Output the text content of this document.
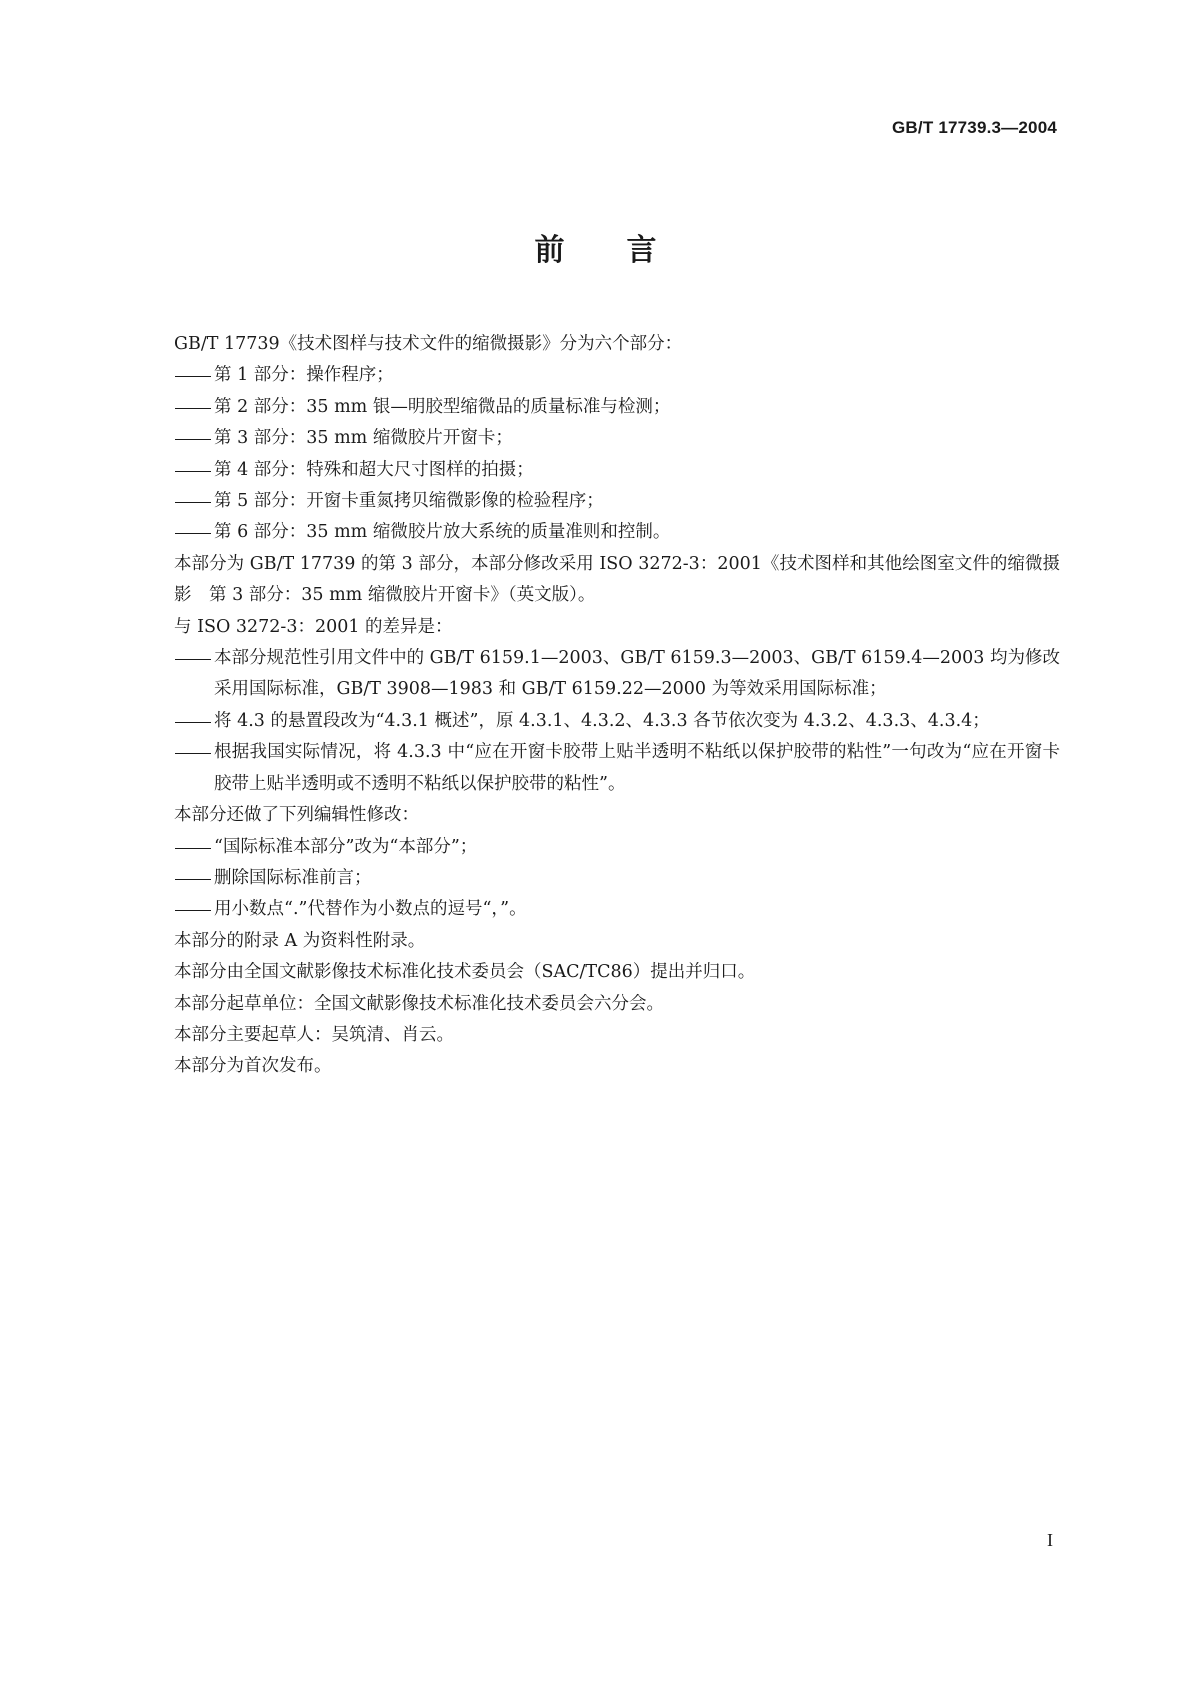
GB/T 17739.3—2004
前 言

GB/T 17739《技术图样与技术文件的缩微摄影》分为六个部分：

第 1 部分：操作程序；

第 2 部分：35 mm 银—明胶型缩微品的质量标准与检测；

第 3 部分：35 mm 缩微胶片开窗卡；

第 4 部分：特殊和超大尺寸图样的拍摄；

第 5 部分：开窗卡重氮拷贝缩微影像的检验程序；

第 6 部分：35 mm 缩微胶片放大系统的质量准则和控制。

本部分为 GB/T 17739 的第 3 部分，本部分修改采用 ISO 3272-3：2001《技术图样和其他绘图室文件的缩微摄影　第 3 部分：35 mm 缩微胶片开窗卡》（英文版）。

与 ISO 3272-3：2001 的差异是：

本部分规范性引用文件中的 GB/T 6159.1—2003、GB/T 6159.3—2003、GB/T 6159.4—2003 均为修改采用国际标准，GB/T 3908—1983 和 GB/T 6159.22—2000 为等效采用国际标准；

将 4.3 的悬置段改为“4.3.1 概述”，原 4.3.1、4.3.2、4.3.3 各节依次变为 4.3.2、4.3.3、4.3.4；

根据我国实际情况，将 4.3.3 中“应在开窗卡胶带上贴半透明不粘纸以保护胶带的粘性”一句改为“应在开窗卡胶带上贴半透明或不透明不粘纸以保护胶带的粘性”。

本部分还做了下列编辑性修改：

“国际标准本部分”改为“本部分”；

删除国际标准前言；

用小数点“.”代替作为小数点的逗号“，”。

本部分的附录 A 为资料性附录。

本部分由全国文献影像技术标准化技术委员会（SAC/TC86）提出并归口。

本部分起草单位：全国文献影像技术标准化技术委员会六分会。

本部分主要起草人：吴筑清、肖云。

本部分为首次发布。

I
